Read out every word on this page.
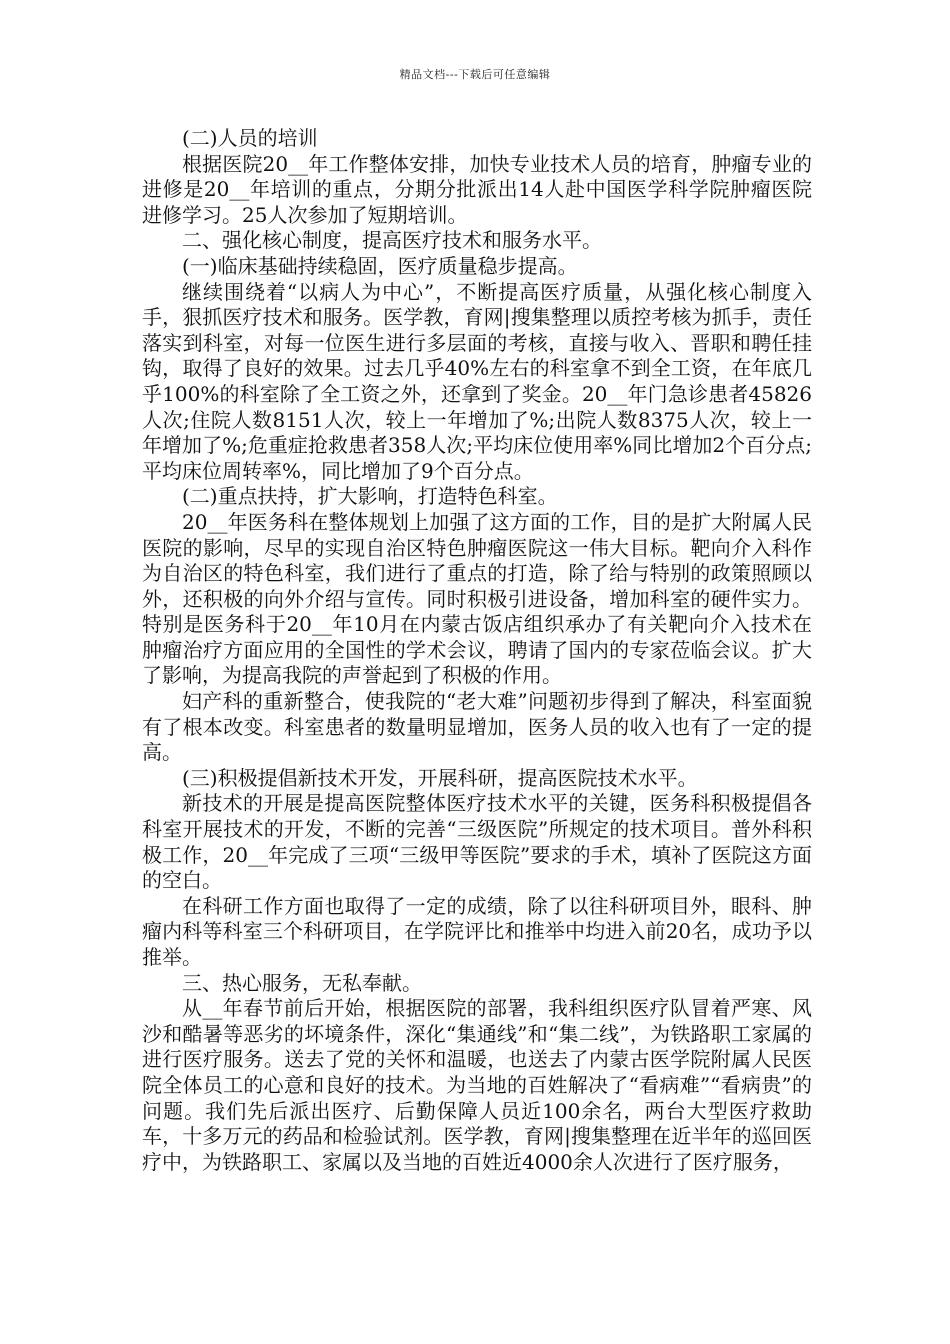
精品文档---下载后可任意编辑

(二)人员的培训

根据医院20__年工作整体安排，加快专业技术人员的培育，肿瘤专业的进修是20__年培训的重点，分期分批派出14人赴中国医学科学院肿瘤医院进修学习。25人次参加了短期培训。

二、强化核心制度，提高医疗技术和服务水平。

(一)临床基础持续稳固，医疗质量稳步提高。

继续围绕着“以病人为中心”，不断提高医疗质量，从强化核心制度入手，狠抓医疗技术和服务。医学教，育网|搜集整理以质控考核为抓手，责任落实到科室，对每一位医生进行多层面的考核，直接与收入、晋职和聘任挂钩，取得了良好的效果。过去几乎40%左右的科室拿不到全工资，在年底几乎100%的科室除了全工资之外，还拿到了奖金。20__年门急诊患者45826人次;住院人数8151人次，较上一年增加了%;出院人数8375人次，较上一年增加了%;危重症抢救患者358人次;平均床位使用率%同比增加2个百分点;平均床位周转率%，同比增加了9个百分点。

(二)重点扶持，扩大影响，打造特色科室。

20__年医务科在整体规划上加强了这方面的工作，目的是扩大附属人民医院的影响，尽早的实现自治区特色肿瘤医院这一伟大目标。靶向介入科作为自治区的特色科室，我们进行了重点的打造，除了给与特别的政策照顾以外，还积极的向外介绍与宣传。同时积极引进设备，增加科室的硬件实力。特别是医务科于20__年10月在内蒙古饭店组织承办了有关靶向介入技术在肿瘤治疗方面应用的全国性的学术会议，聘请了国内的专家莅临会议。扩大了影响，为提高我院的声誉起到了积极的作用。

妇产科的重新整合，使我院的“老大难”问题初步得到了解决，科室面貌有了根本改变。科室患者的数量明显增加，医务人员的收入也有了一定的提高。

(三)积极提倡新技术开发，开展科研，提高医院技术水平。

新技术的开展是提高医院整体医疗技术水平的关键，医务科积极提倡各科室开展技术的开发，不断的完善“三级医院”所规定的技术项目。普外科积极工作，20__年完成了三项“三级甲等医院”要求的手术，填补了医院这方面的空白。

在科研工作方面也取得了一定的成绩，除了以往科研项目外，眼科、肿瘤内科等科室三个科研项目，在学院评比和推举中均进入前20名，成功予以推举。

三、热心服务，无私奉献。

从__年春节前后开始，根据医院的部署，我科组织医疗队冒着严寒、风沙和酷暑等恶劣的坏境条件，深化“集通线”和“集二线”，为铁路职工家属的进行医疗服务。送去了党的关怀和温暖，也送去了内蒙古医学院附属人民医院全体员工的心意和良好的技术。为当地的百姓解决了“看病难”“看病贵”的问题。我们先后派出医疗、后勤保障人员近100余名，两台大型医疗救助车，十多万元的药品和检验试剂。医学教，育网|搜集整理在近半年的巡回医疗中，为铁路职工、家属以及当地的百姓近4000余人次进行了医疗服务，
